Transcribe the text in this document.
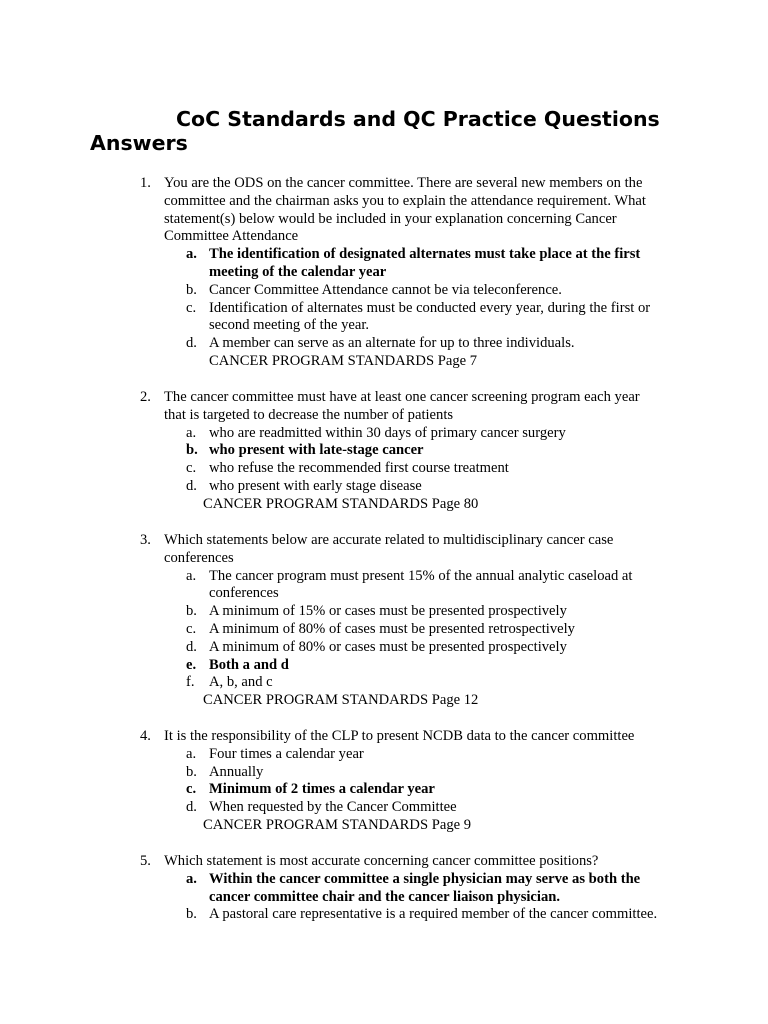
CoC Standards and QC Practice Questions
Answers
1. You are the ODS on the cancer committee. There are several new members on the committee and the chairman asks you to explain the attendance requirement. What statement(s) below would be included in your explanation concerning Cancer Committee Attendance
a. The identification of designated alternates must take place at the first meeting of the calendar year
b. Cancer Committee Attendance cannot be via teleconference.
c. Identification of alternates must be conducted every year, during the first or second meeting of the year.
d. A member can serve as an alternate for up to three individuals.
CANCER PROGRAM STANDARDS Page 7
2. The cancer committee must have at least one cancer screening program each year that is targeted to decrease the number of patients
a. who are readmitted within 30 days of primary cancer surgery
b. who present with late-stage cancer
c. who refuse the recommended first course treatment
d. who present with early stage disease
CANCER PROGRAM STANDARDS Page 80
3. Which statements below are accurate related to multidisciplinary cancer case conferences
a. The cancer program must present 15% of the annual analytic caseload at conferences
b. A minimum of 15% or cases must be presented prospectively
c. A minimum of 80% of cases must be presented retrospectively
d. A minimum of 80% or cases must be presented prospectively
e. Both a and d
f. A, b, and c
CANCER PROGRAM STANDARDS Page 12
4. It is the responsibility of the CLP to present NCDB data to the cancer committee
a. Four times a calendar year
b. Annually
c. Minimum of 2 times a calendar year
d. When requested by the Cancer Committee
CANCER PROGRAM STANDARDS Page 9
5. Which statement is most accurate concerning cancer committee positions?
a. Within the cancer committee a single physician may serve as both the cancer committee chair and the cancer liaison physician.
b. A pastoral care representative is a required member of the cancer committee.
